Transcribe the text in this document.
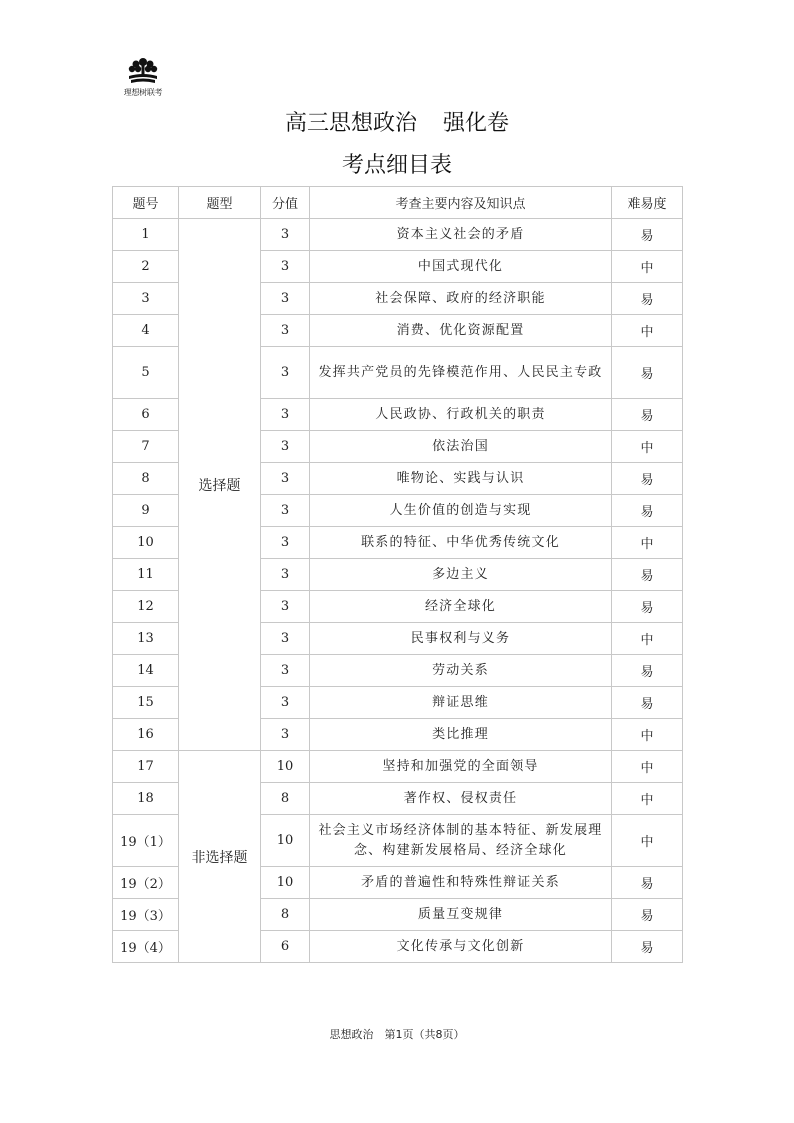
理想树联考
高三思想政治 强化卷
考点细目表
题号	题型	分值	考查主要内容及知识点	难易度
1	选择题	3	资本主义社会的矛盾	易
2		3	中国式现代化	中
3		3	社会保障、政府的经济职能	易
4		3	消费、优化资源配置	中
5		3	发挥共产党员的先锋模范作用、人民民主专政	易
6		3	人民政协、行政机关的职责	易
7		3	依法治国	中
8		3	唯物论、实践与认识	易
9		3	人生价值的创造与实现	易
10		3	联系的特征、中华优秀传统文化	中
11		3	多边主义	易
12		3	经济全球化	易
13		3	民事权利与义务	中
14		3	劳动关系	易
15		3	辩证思维	易
16		3	类比推理	中
17	非选择题	10	坚持和加强党的全面领导	中
18		8	著作权、侵权责任	中
19（1）		10	社会主义市场经济体制的基本特征、新发展理念、构建新发展格局、经济全球化	中
19（2）		10	矛盾的普遍性和特殊性辩证关系	易
19（3）		8	质量互变规律	易
19（4）		6	文化传承与文化创新	易
思想政治　第1页（共8页）
